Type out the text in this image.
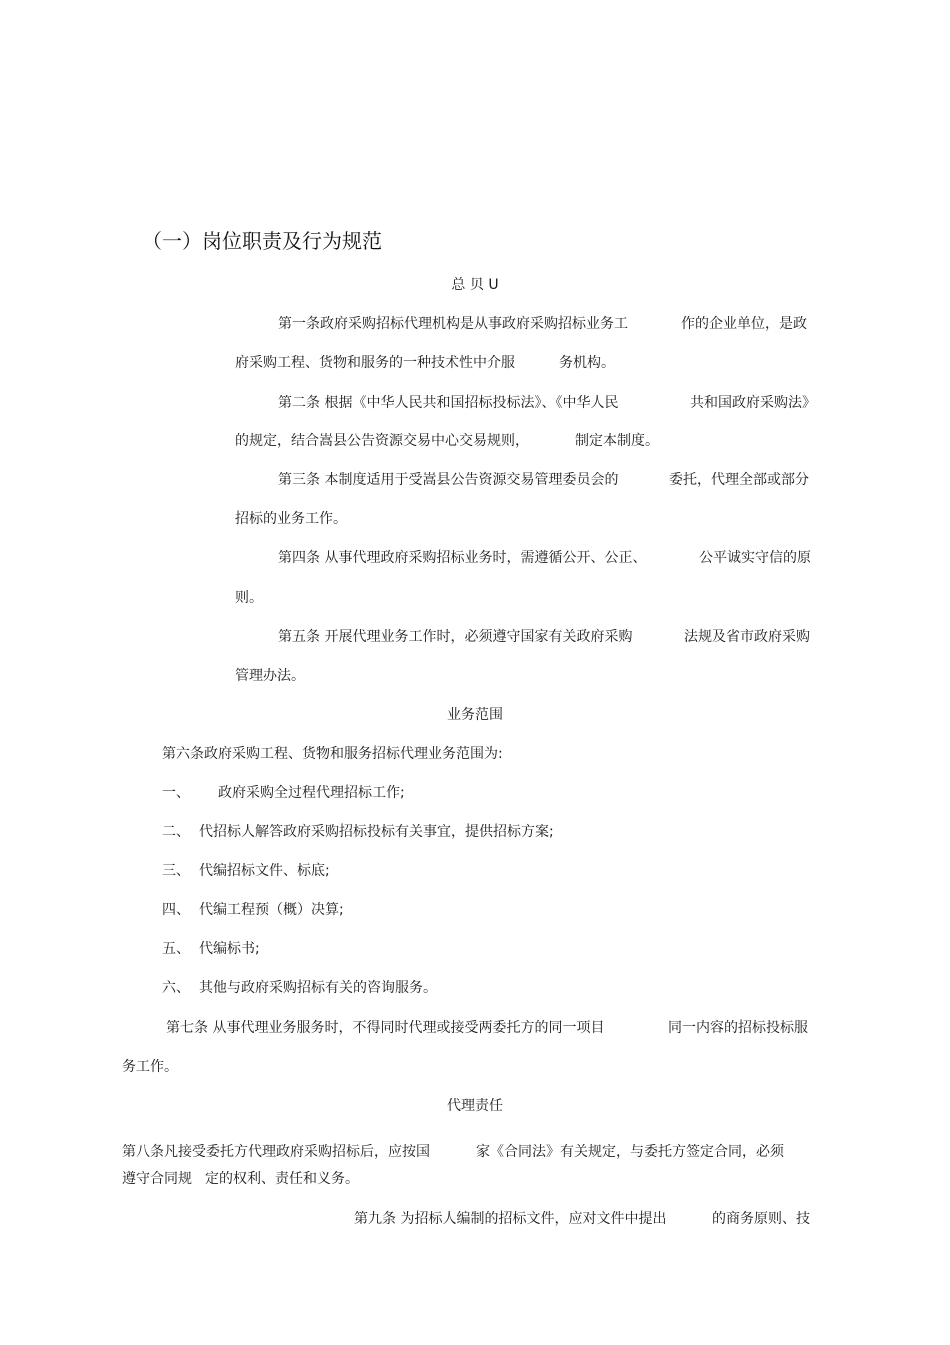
（一）岗位职责及行为规范
总 贝 U
第一条政府采购招标代理机构是从事政府采购招标业务工	作的企业单位，是政
府采购工程、货物和服务的一种技术性中介服	务机构。
第二条 根据《中华人民共和国招标投标法》、《中华人民	共和国政府采购法》
的规定，结合嵩县公告资源交易中心交易规则，	制定本制度。
第三条 本制度适用于受嵩县公告资源交易管理委员会的	委托，代理全部或部分
招标的业务工作。
第四条 从事代理政府采购招标业务时，需遵循公开、公正、	公平诚实守信的原
则。
第五条 开展代理业务工作时，必须遵守国家有关政府采购	法规及省市政府采购
管理办法。
业务范围
第六条政府采购工程、货物和服务招标代理业务范围为:
一、 政府采购全过程代理招标工作;
二、 代招标人解答政府采购招标投标有关事宜，提供招标方案;
三、 代编招标文件、标底;
四、 代编工程预（概）决算;
五、 代编标书;
六、 其他与政府采购招标有关的咨询服务。
第七条 从事代理业务服务时，不得同时代理或接受两委托方的同一项目	同一内容的招标投标服
务工作。
代理责任
第八条凡接受委托方代理政府采购招标后，应按国	家《合同法》有关规定，与委托方签定合同，必须
遵守合同规 定的权利、责任和义务。
第九条 为招标人编制的招标文件，应对文件中提出	的商务原则、技
